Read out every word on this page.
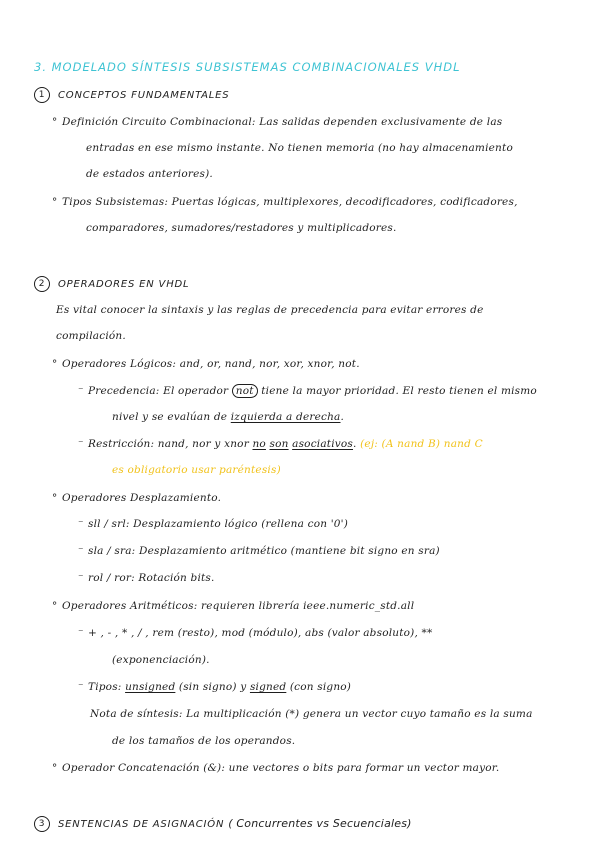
3. MODELADO SÍNTESIS SUBSISTEMAS COMBINACIONALES VHDL
1 CONCEPTOS FUNDAMENTALES
° Definición Circuito Combinacional: Las salidas dependen exclusivamente de las
entradas en ese mismo instante. No tienen memoria (no hay almacenamiento
de estados anteriores).
° Tipos Subsistemas: Puertas lógicas, multiplexores, decodificadores, codificadores,
comparadores, sumadores/restadores y multiplicadores.
2 OPERADORES EN VHDL
Es vital conocer la sintaxis y las reglas de precedencia para evitar errores de
compilación.
° Operadores Lógicos: and, or, nand, nor, xor, xnor, not.
⁻ Precedencia: El operador not tiene la mayor prioridad. El resto tienen el mismo
nivel y se evalúan de izquierda a derecha.
⁻ Restricción: nand, nor y xnor no son asociativos. (ej: (A nand B) nand C
es obligatorio usar paréntesis)
° Operadores Desplazamiento.
⁻ sll / srl: Desplazamiento lógico (rellena con '0')
⁻ sla / sra: Desplazamiento aritmético (mantiene bit signo en sra)
⁻ rol / ror: Rotación bits.
° Operadores Aritméticos: requieren librería ieee.numeric_std.all
⁻ + , - , * , / , rem (resto), mod (módulo), abs (valor absoluto), **
(exponenciación).
⁻ Tipos: unsigned (sin signo) y signed (con signo)
Nota de síntesis: La multiplicación (*) genera un vector cuyo tamaño es la suma
de los tamaños de los operandos.
° Operador Concatenación (&): une vectores o bits para formar un vector mayor.
3 SENTENCIAS DE ASIGNACIÓN ( Concurrentes vs Secuenciales)
